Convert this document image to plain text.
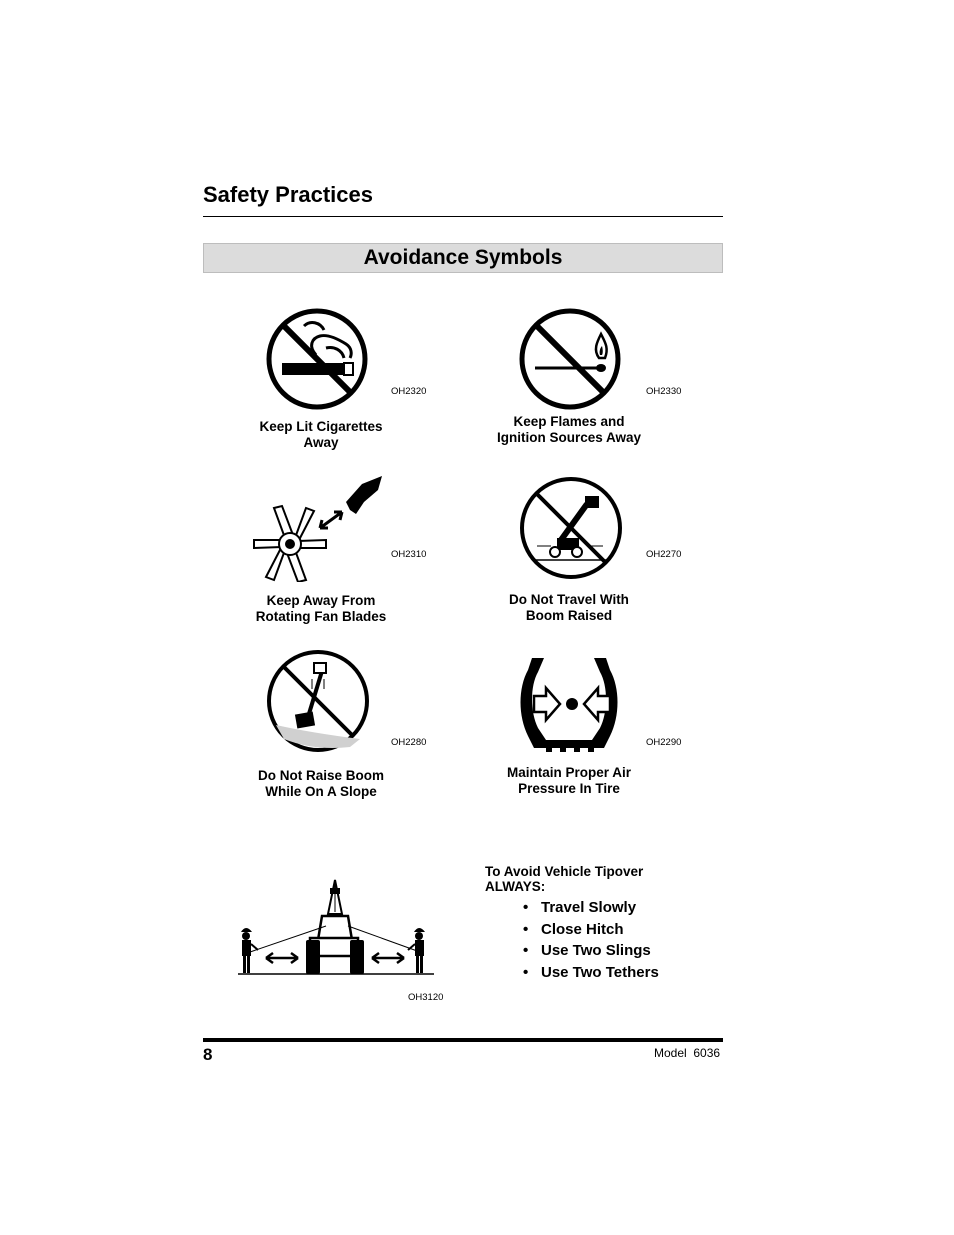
Safety Practices
Avoidance Symbols
OH2320
Keep Lit Cigarettes
Away
OH2330
Keep Flames and
Ignition Sources Away
OH2310
Keep Away From
Rotating Fan Blades
OH2270
Do Not Travel With
Boom Raised
OH2280
Do Not Raise Boom
While On A Slope
OH2290
Maintain Proper Air
Pressure In Tire
OH3120
To Avoid Vehicle Tipover
ALWAYS:
• Travel Slowly
• Close Hitch
• Use Two Slings
• Use Two Tethers
8	Model  6036
